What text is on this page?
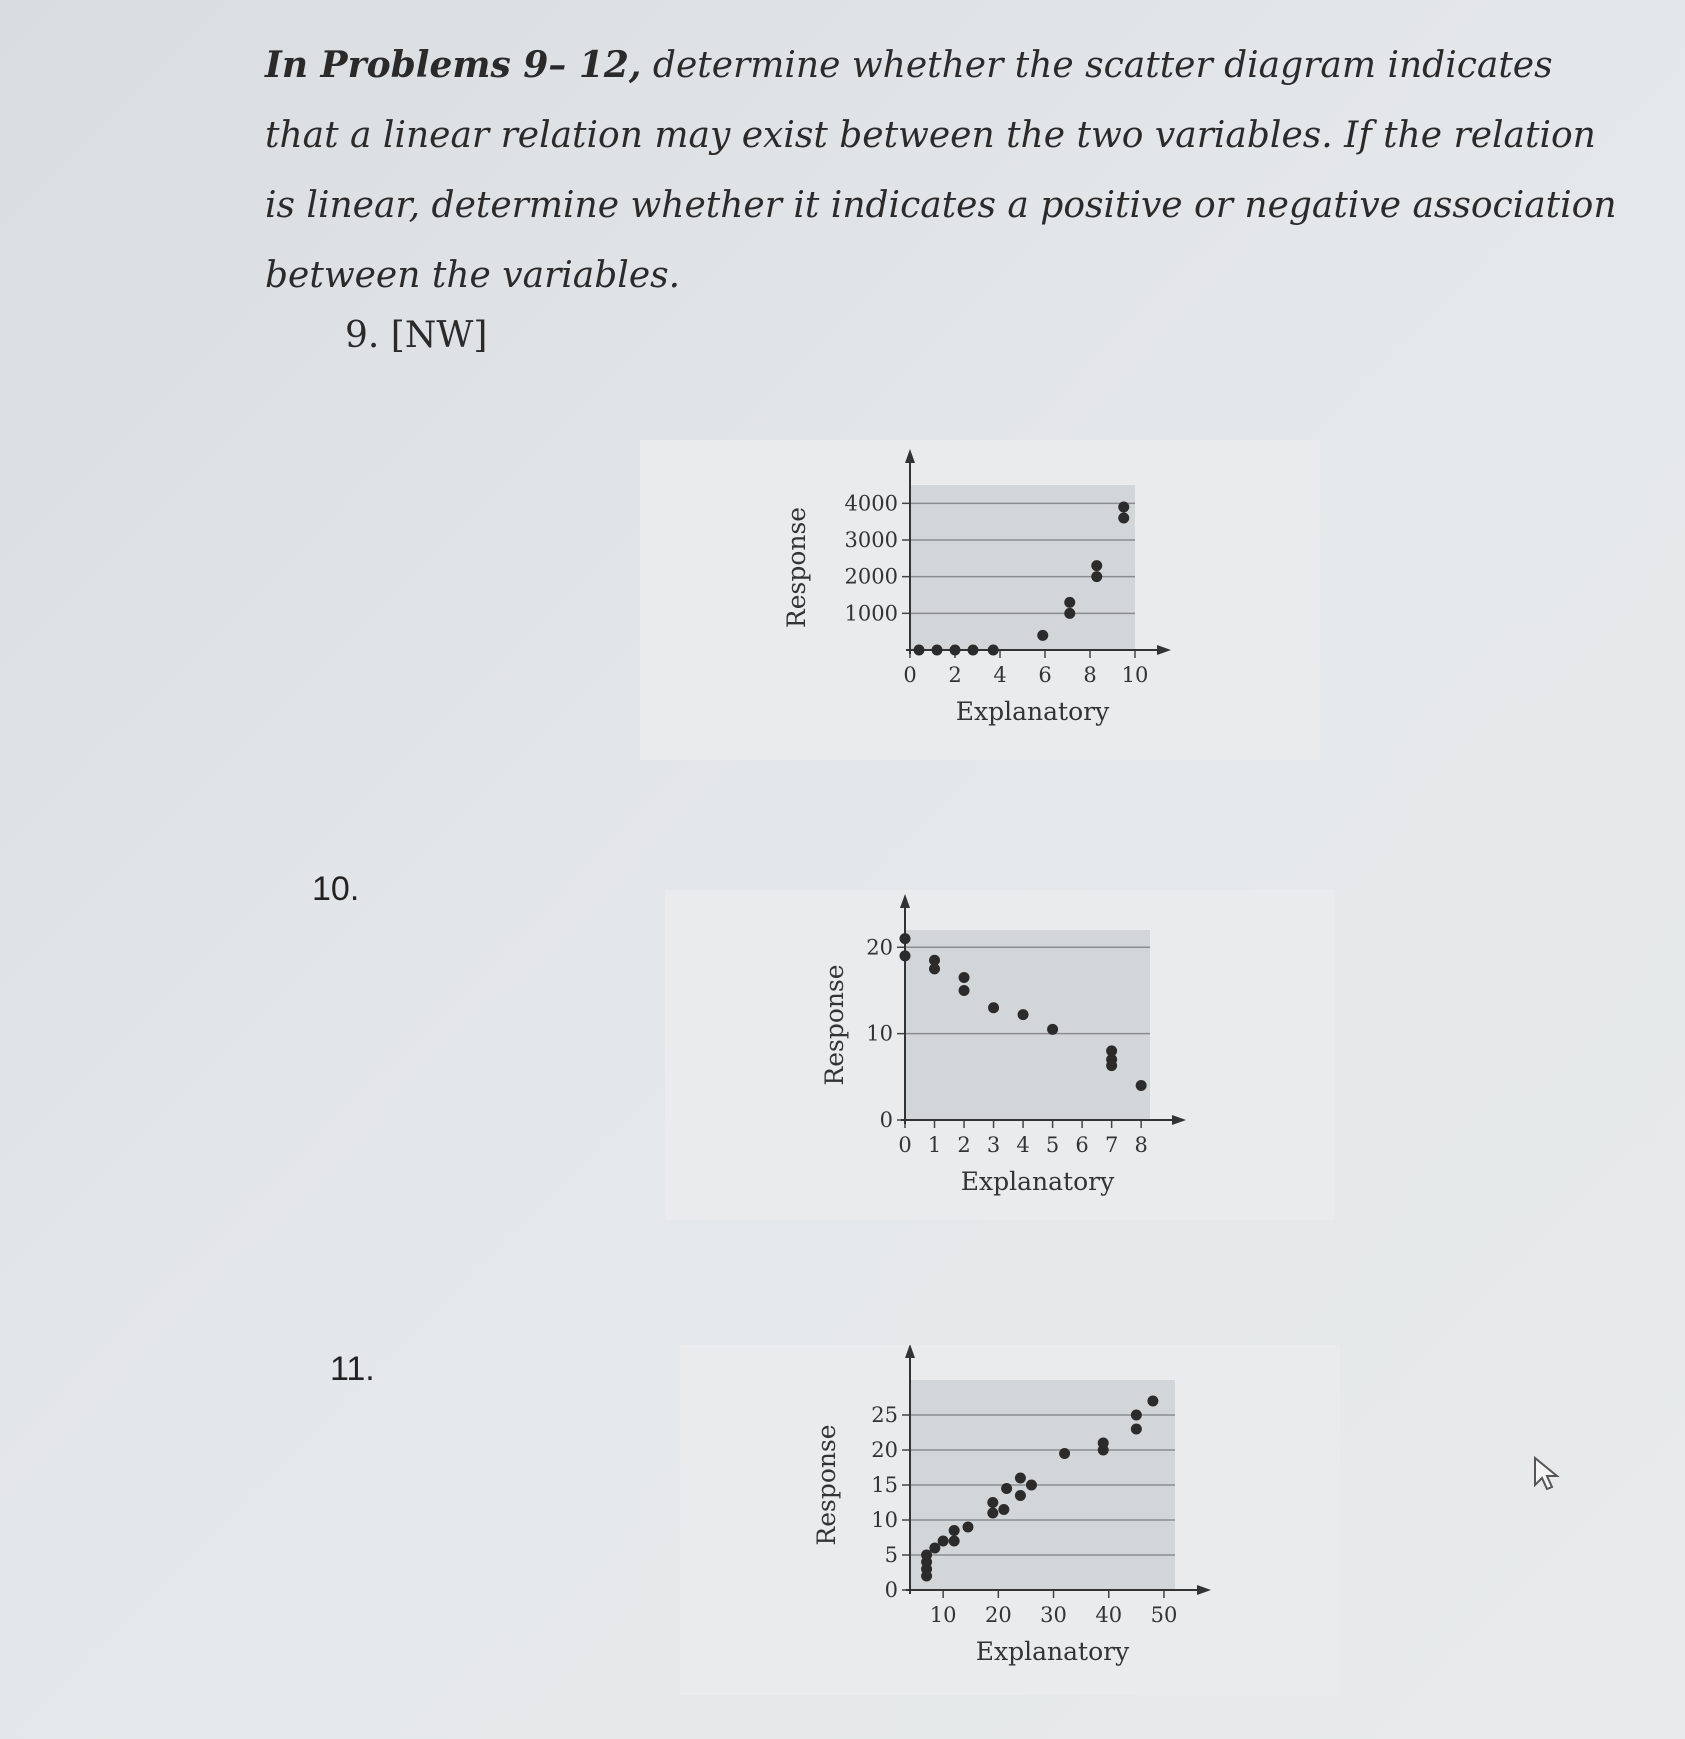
In Problems 9– 12, determine whether the scatter diagram indicates that a linear relation may exist between the two variables. If the relation is linear, determine whether it indicates a positive or negative association between the variables.
9. [NW]
10.
11.
1000
2000
3000
4000
0 2 4 6 8 10
Explanatory
Response
0
10
20
0 1 2 3 4 5 6 7 8
Explanatory
Response
0
5
10
15
20
25
10 20 30 40 50
Explanatory
Response
